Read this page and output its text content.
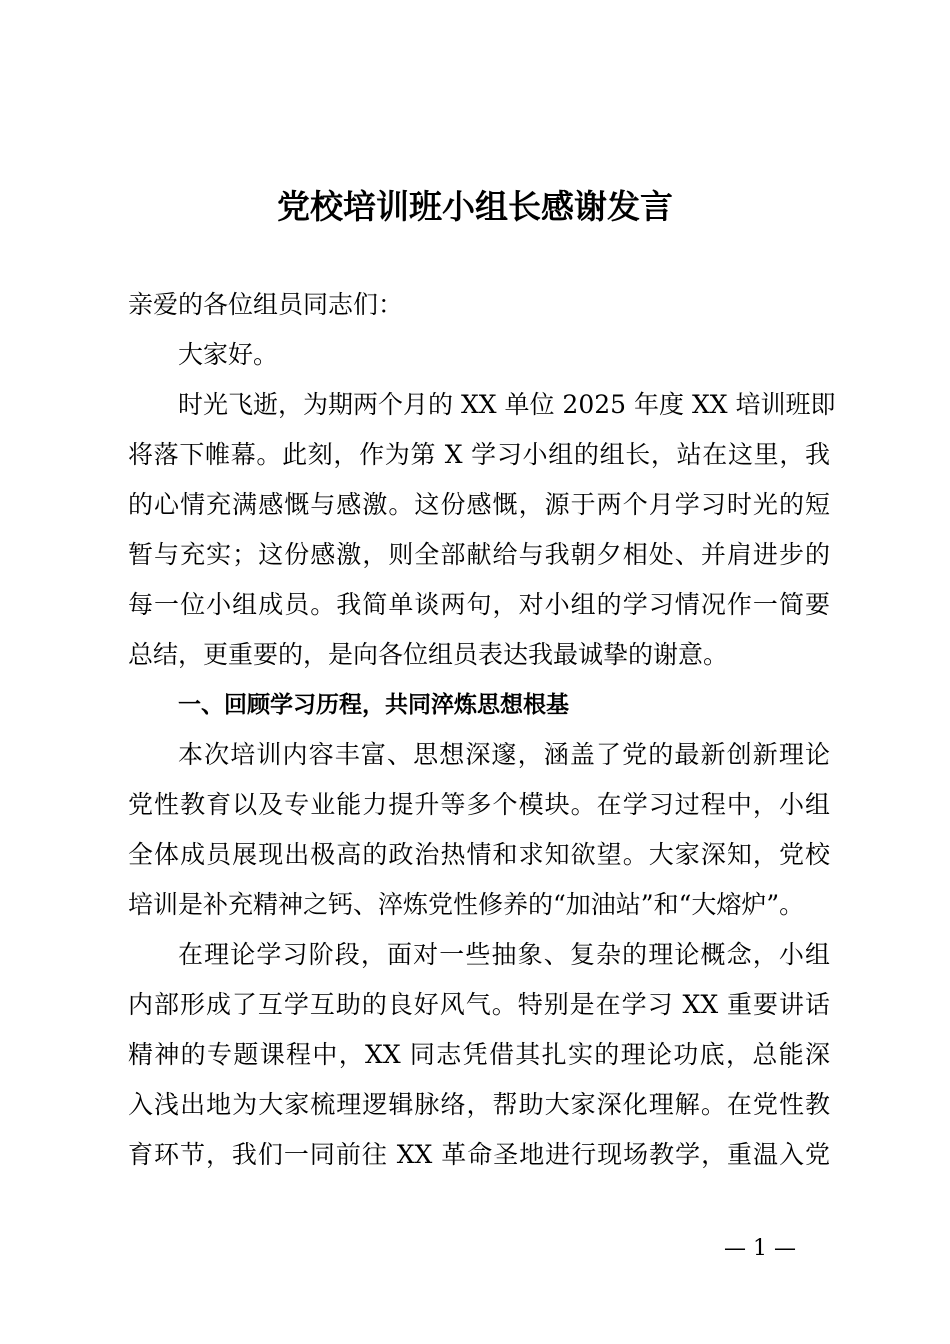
党校培训班小组长感谢发言
亲爱的各位组员同志们：
大家好。
时光飞逝，为期两个月的 XX 单位 2025 年度 XX 培训班即
将落下帷幕。此刻，作为第 X 学习小组的组长，站在这里，我
的心情充满感慨与感激。这份感慨，源于两个月学习时光的短
暂与充实；这份感激，则全部献给与我朝夕相处、并肩进步的
每一位小组成员。我简单谈两句，对小组的学习情况作一简要
总结，更重要的，是向各位组员表达我最诚挚的谢意。
一、回顾学习历程，共同淬炼思想根基
本次培训内容丰富、思想深邃，涵盖了党的最新创新理论
党性教育以及专业能力提升等多个模块。在学习过程中，小组
全体成员展现出极高的政治热情和求知欲望。大家深知，党校
培训是补充精神之钙、淬炼党性修养的“加油站”和“大熔炉”。
在理论学习阶段，面对一些抽象、复杂的理论概念，小组
内部形成了互学互助的良好风气。特别是在学习 XX 重要讲话
精神的专题课程中，XX 同志凭借其扎实的理论功底，总能深
入浅出地为大家梳理逻辑脉络，帮助大家深化理解。在党性教
育环节，我们一同前往 XX 革命圣地进行现场教学，重温入党
— 1 —
